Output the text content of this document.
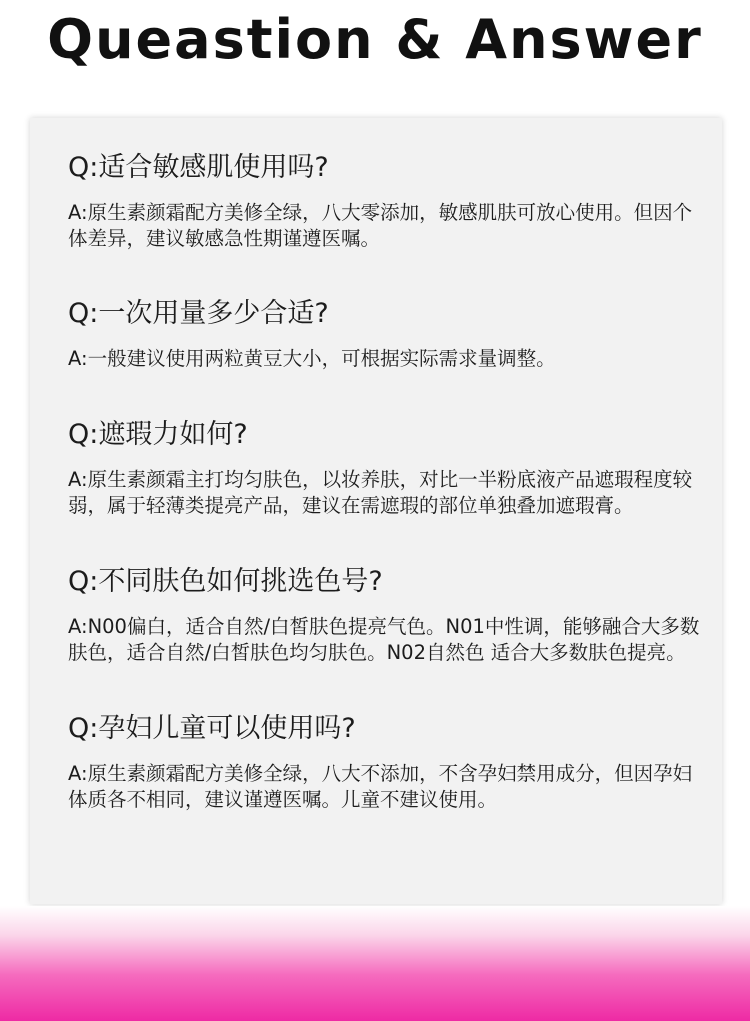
Queastion & Answer

Q:适合敏感肌使用吗?

A:原生素颜霜配方美修全绿，八大零添加，敏感肌肤可放心使用。但因个体差异，建议敏感急性期谨遵医嘱。

Q:一次用量多少合适?

A:一般建议使用两粒黄豆大小，可根据实际需求量调整。

Q:遮瑕力如何?

A:原生素颜霜主打均匀肤色，以妆养肤，对比一半粉底液产品遮瑕程度较弱，属于轻薄类提亮产品，建议在需遮瑕的部位单独叠加遮瑕膏。

Q:不同肤色如何挑选色号?

A:N00偏白，适合自然/白皙肤色提亮气色。N01中性调，能够融合大多数肤色，适合自然/白皙肤色均匀肤色。N02自然色 适合大多数肤色提亮。

Q:孕妇儿童可以使用吗?

A:原生素颜霜配方美修全绿，八大不添加，不含孕妇禁用成分，但因孕妇体质各不相同，建议谨遵医嘱。儿童不建议使用。
